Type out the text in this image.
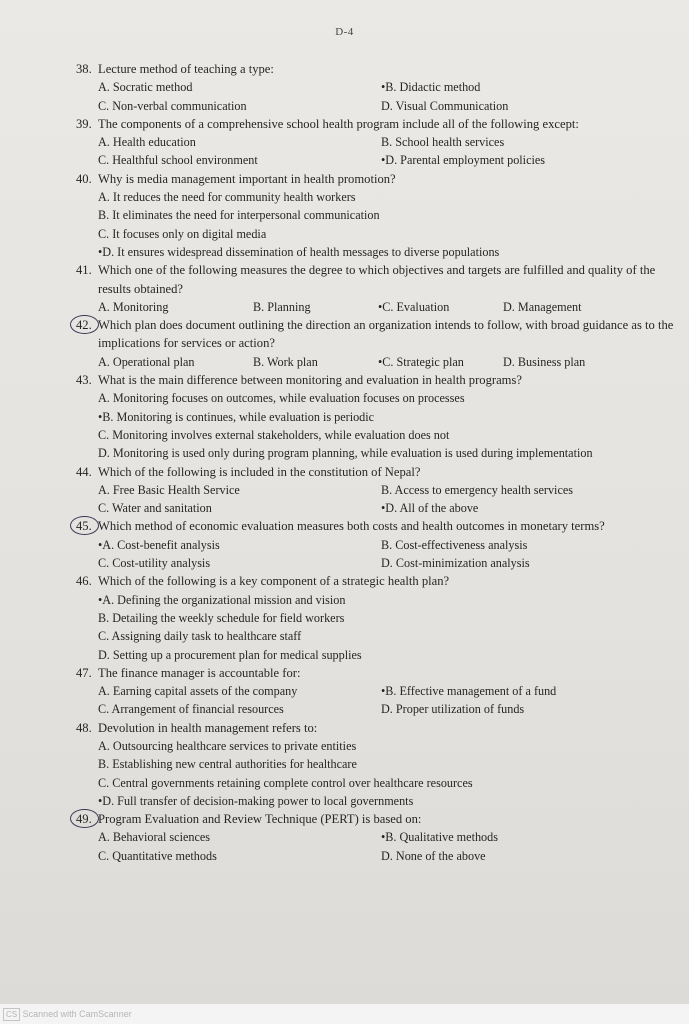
D-4
38. Lecture method of teaching a type:
A. Socratic method	•B. Didactic method
C. Non-verbal communication	D. Visual Communication
39. The components of a comprehensive school health program include all of the following except:
A. Health education	B. School health services
C. Healthful school environment	•D. Parental employment policies
40. Why is media management important in health promotion?
A. It reduces the need for community health workers
B. It eliminates the need for interpersonal communication
C. It focuses only on digital media
•D. It ensures widespread dissemination of health messages to diverse populations
41. Which one of the following measures the degree to which objectives and targets are fulfilled and quality of the results obtained?
A. Monitoring	B. Planning	•C. Evaluation	D. Management
42. Which plan does document outlining the direction an organization intends to follow, with broad guidance as to the implications for services or action?
A. Operational plan	B. Work plan	•C. Strategic plan	D. Business plan
43. What is the main difference between monitoring and evaluation in health programs?
A. Monitoring focuses on outcomes, while evaluation focuses on processes
•B. Monitoring is continues, while evaluation is periodic
C. Monitoring involves external stakeholders, while evaluation does not
D. Monitoring is used only during program planning, while evaluation is used during implementation
44. Which of the following is included in the constitution of Nepal?
A. Free Basic Health Service	B. Access to emergency health services
C. Water and sanitation	•D. All of the above
45. Which method of economic evaluation measures both costs and health outcomes in monetary terms?
•A. Cost-benefit analysis	B. Cost-effectiveness analysis
C. Cost-utility analysis	D. Cost-minimization analysis
46. Which of the following is a key component of a strategic health plan?
•A. Defining the organizational mission and vision
B. Detailing the weekly schedule for field workers
C. Assigning daily task to healthcare staff
D. Setting up a procurement plan for medical supplies
47. The finance manager is accountable for:
A. Earning capital assets of the company	•B. Effective management of a fund
C. Arrangement of financial resources	D. Proper utilization of funds
48. Devolution in health management refers to:
A. Outsourcing healthcare services to private entities
B. Establishing new central authorities for healthcare
C. Central governments retaining complete control over healthcare resources
•D. Full transfer of decision-making power to local governments
49. Program Evaluation and Review Technique (PERT) is based on:
A. Behavioral sciences	•B. Qualitative methods
C. Quantitative methods	D. None of the above
CS Scanned with CamScanner
